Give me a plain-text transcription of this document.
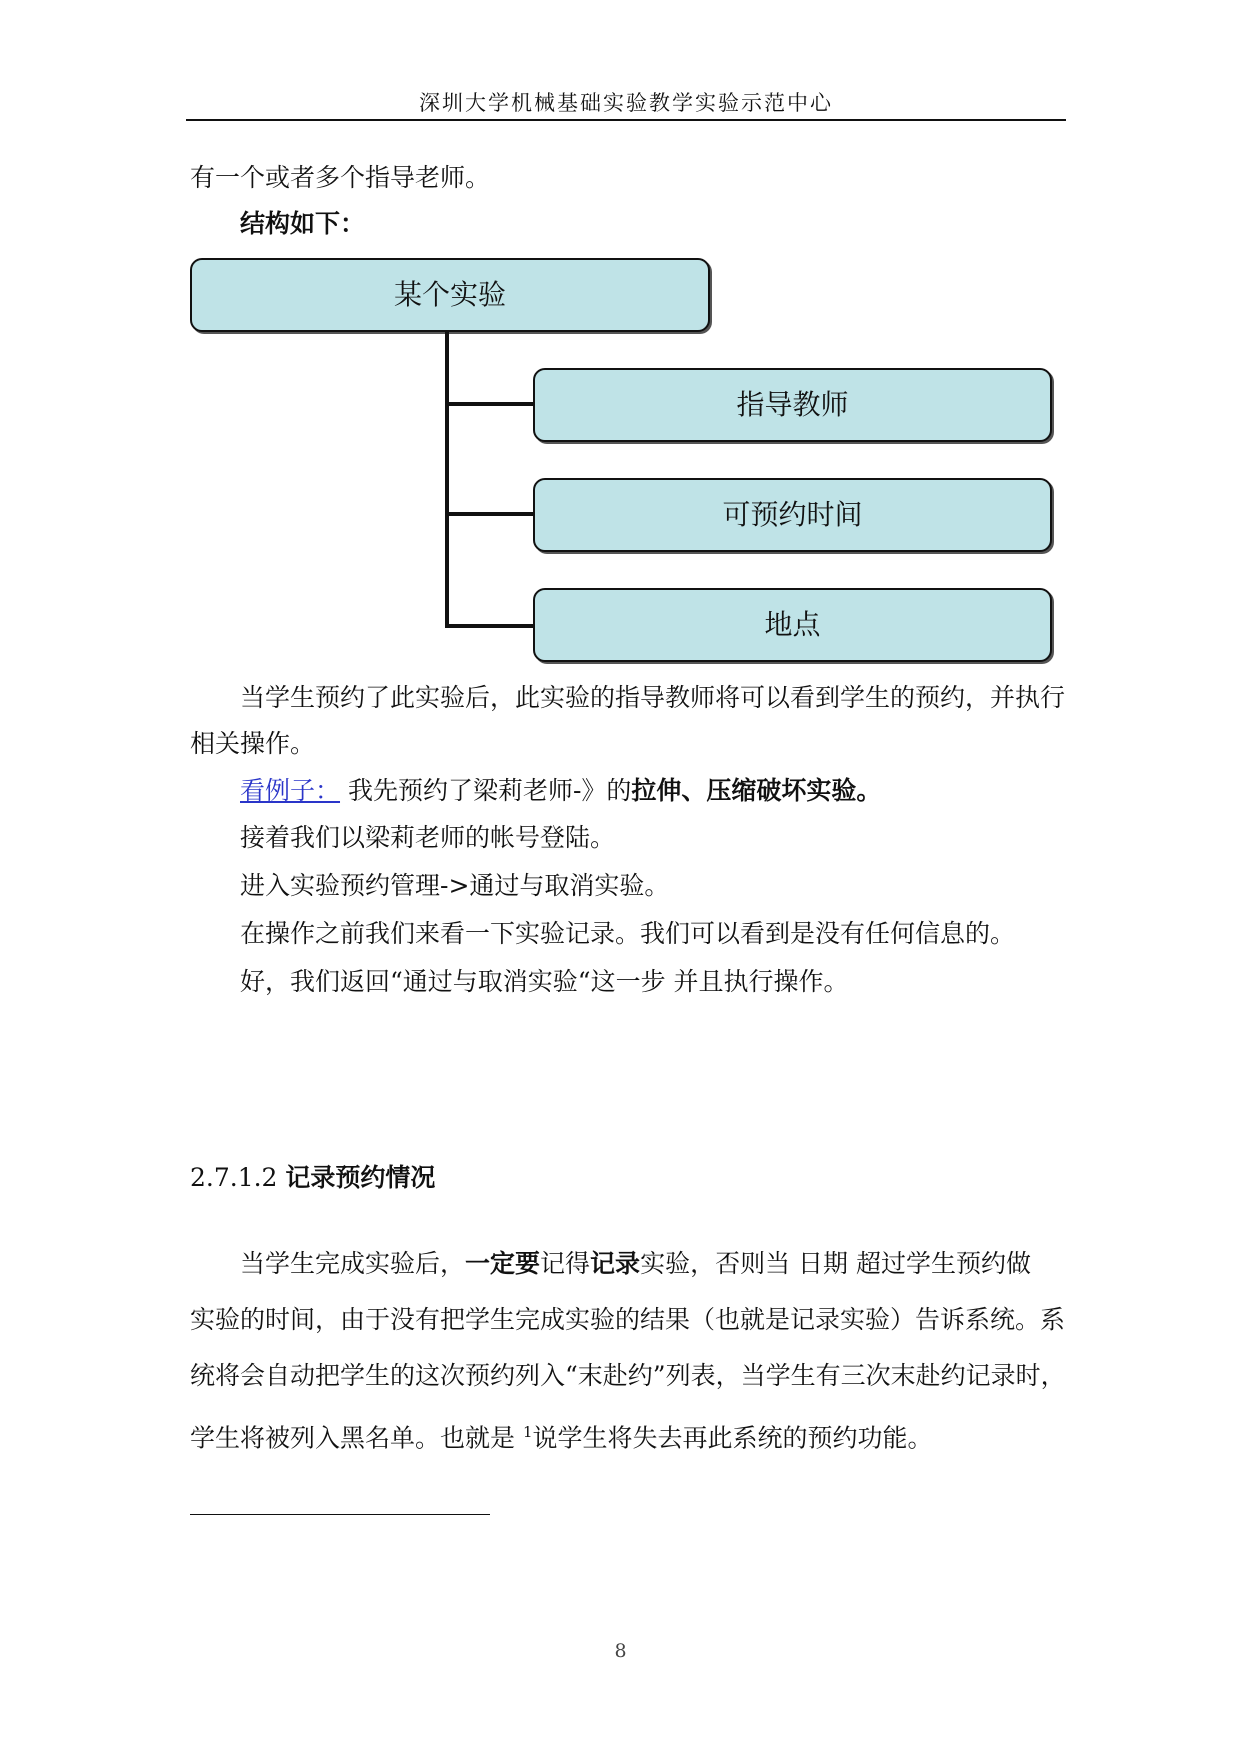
深圳大学机械基础实验教学实验示范中心
有一个或者多个指导老师。
结构如下：
某个实验
指导教师
可预约时间
地点
当学生预约了此实验后，此实验的指导教师将可以看到学生的预约，并执行
相关操作。
看例子： 我先预约了梁莉老师-》的拉伸、压缩破坏实验。
接着我们以梁莉老师的帐号登陆。
进入实验预约管理->通过与取消实验。
在操作之前我们来看一下实验记录。我们可以看到是没有任何信息的。
好，我们返回“通过与取消实验“这一步 并且执行操作。
2.7.1.2 记录预约情况
当学生完成实验后，一定要记得记录实验，否则当 日期 超过学生预约做
实验的时间，由于没有把学生完成实验的结果（也就是记录实验）告诉系统。系
统将会自动把学生的这次预约列入“末赴约”列表，当学生有三次末赴约记录时，
学生将被列入黑名单。也就是 $^1$说学生将失去再此系统的预约功能。
8
